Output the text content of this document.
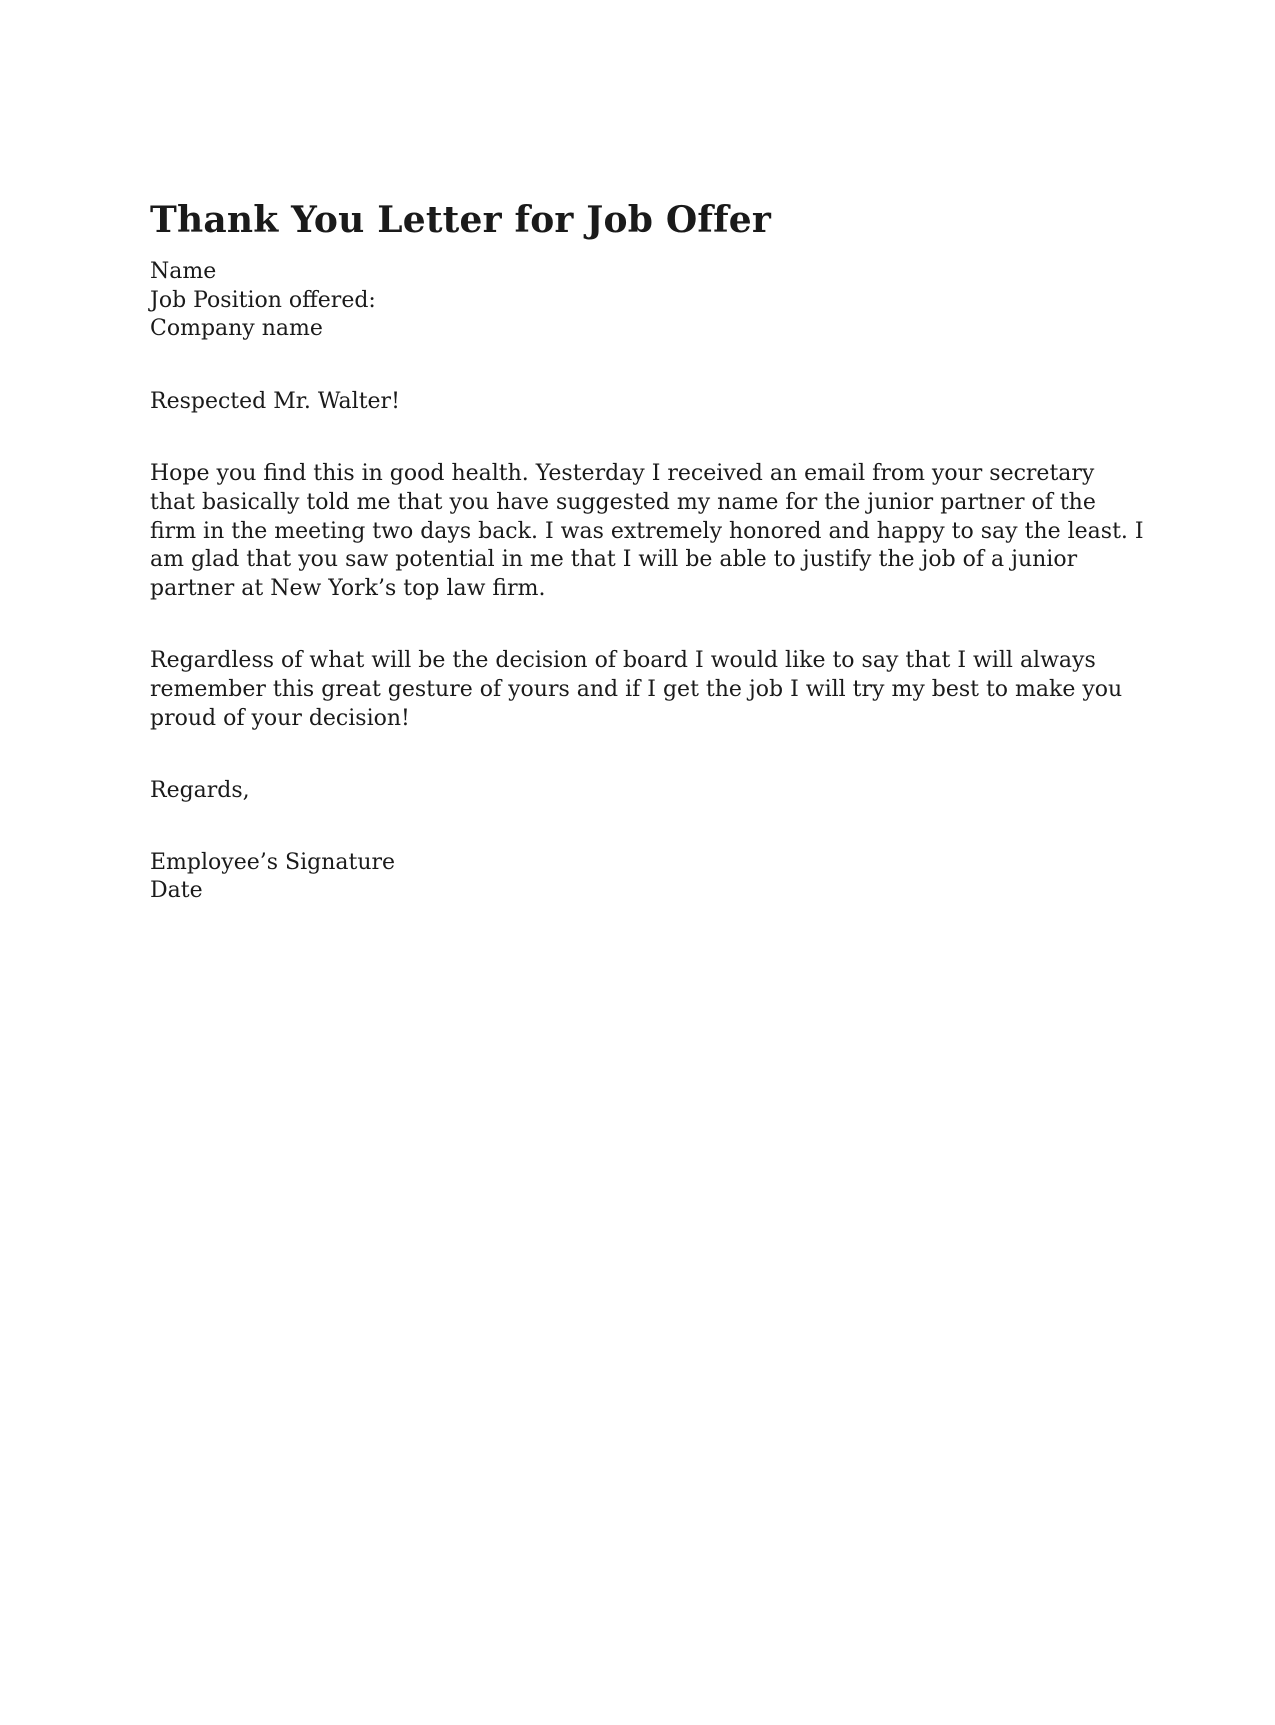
Thank You Letter for Job Offer

Name

Job Position offered:

Company name

Respected Mr. Walter!

Hope you find this in good health. Yesterday I received an email from your secretary

that basically told me that you have suggested my name for the junior partner of the

firm in the meeting two days back. I was extremely honored and happy to say the least. I

am glad that you saw potential in me that I will be able to justify the job of a junior

partner at New York’s top law firm.

Regardless of what will be the decision of board I would like to say that I will always

remember this great gesture of yours and if I get the job I will try my best to make you

proud of your decision!

Regards,

Employee’s Signature

Date
